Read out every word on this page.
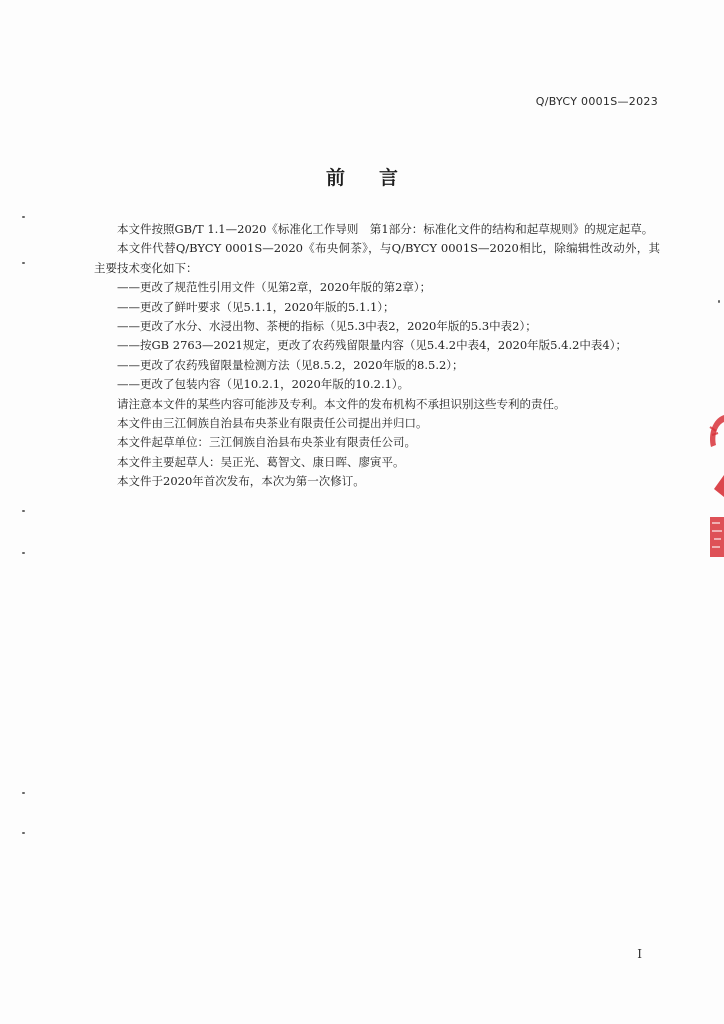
Q/BYCY 0001S—2023
前言

本文件按照GB/T 1.1—2020《标准化工作导则　第1部分：标准化文件的结构和起草规则》的规定起草。

本文件代替Q/BYCY 0001S—2020《布央侗茶》，与Q/BYCY 0001S—2020相比，除编辑性改动外，其主要技术变化如下：

——更改了规范性引用文件（见第2章，2020年版的第2章）；

——更改了鲜叶要求（见5.1.1，2020年版的5.1.1）；

——更改了水分、水浸出物、茶梗的指标（见5.3中表2，2020年版的5.3中表2）；

——按GB 2763—2021规定，更改了农药残留限量内容（见5.4.2中表4，2020年版5.4.2中表4）；

——更改了农药残留限量检测方法（见8.5.2，2020年版的8.5.2）；

——更改了包装内容（见10.2.1，2020年版的10.2.1）。

请注意本文件的某些内容可能涉及专利。本文件的发布机构不承担识别这些专利的责任。

本文件由三江侗族自治县布央茶业有限责任公司提出并归口。

本文件起草单位：三江侗族自治县布央茶业有限责任公司。

本文件主要起草人：吴正光、葛智文、康日晖、廖寅平。

本文件于2020年首次发布，本次为第一次修订。

I
